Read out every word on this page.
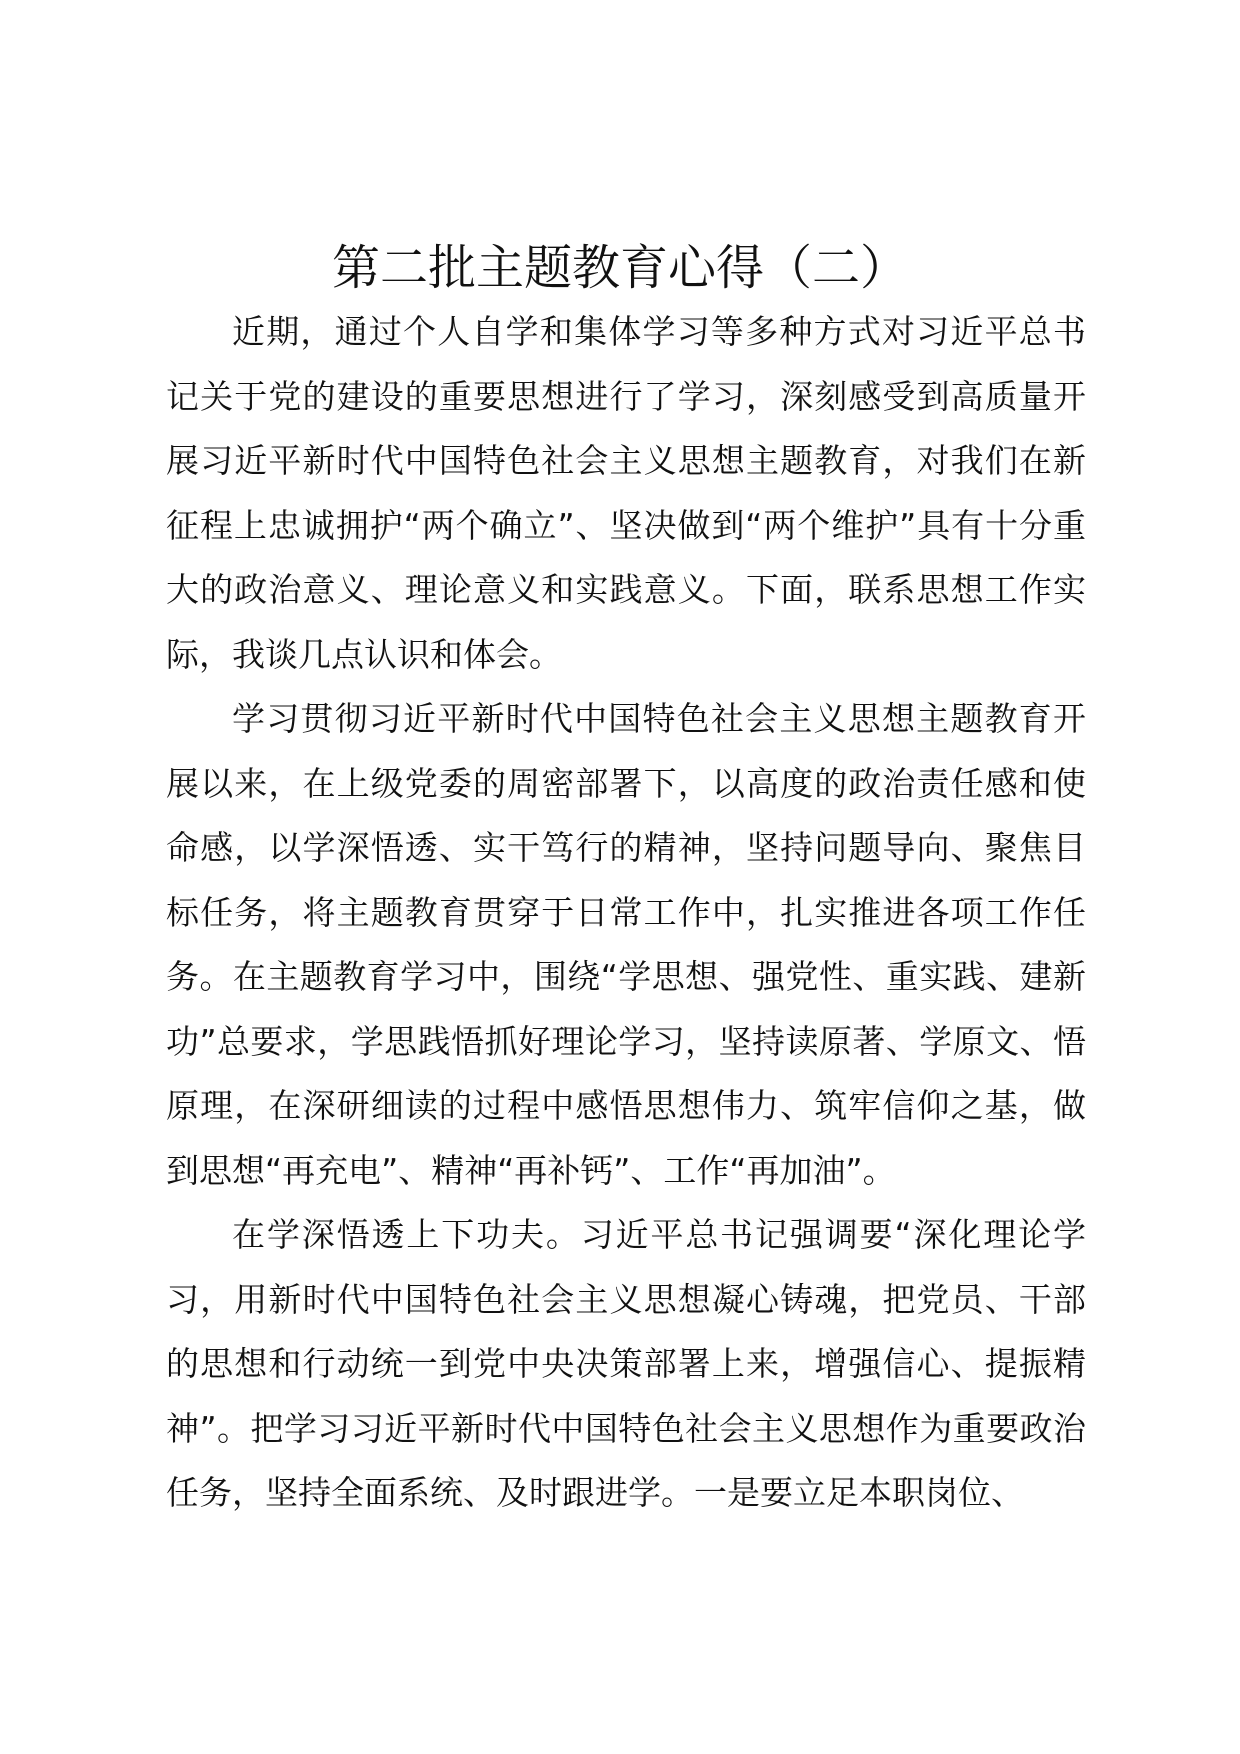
第二批主题教育心得（二）

近期，通过个人自学和集体学习等多种方式对习近平总书记关于党的建设的重要思想进行了学习，深刻感受到高质量开展习近平新时代中国特色社会主义思想主题教育，对我们在新征程上忠诚拥护“两个确立”、坚决做到“两个维护”具有十分重大的政治意义、理论意义和实践意义。下面，联系思想工作实际，我谈几点认识和体会。

学习贯彻习近平新时代中国特色社会主义思想主题教育开展以来，在上级党委的周密部署下，以高度的政治责任感和使命感，以学深悟透、实干笃行的精神，坚持问题导向、聚焦目标任务，将主题教育贯穿于日常工作中，扎实推进各项工作任务。在主题教育学习中，围绕“学思想、强党性、重实践、建新功”总要求，学思践悟抓好理论学习，坚持读原著、学原文、悟原理，在深研细读的过程中感悟思想伟力、筑牢信仰之基，做到思想“再充电”、精神“再补钙”、工作“再加油”。

在学深悟透上下功夫。习近平总书记强调要“深化理论学习，用新时代中国特色社会主义思想凝心铸魂，把党员、干部的思想和行动统一到党中央决策部署上来，增强信心、提振精神”。把学习习近平新时代中国特色社会主义思想作为重要政治任务，坚持全面系统、及时跟进学。一是要立足本职岗位、
